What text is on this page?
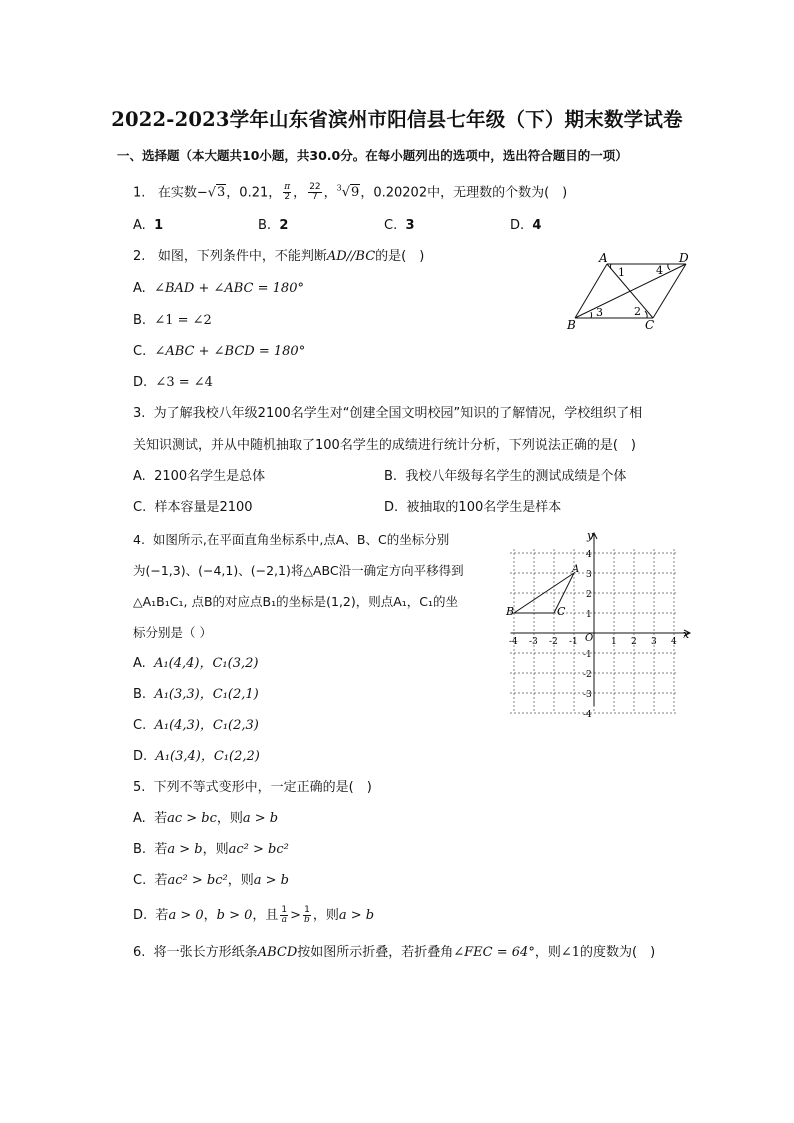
2022-2023学年山东省滨州市阳信县七年级（下）期末数学试卷
一、选择题（本大题共10小题，共30.0分。在每小题列出的选项中，选出符合题目的一项）
1. 在实数−√3，0.21， $\frac{\pi}{2}$ ， $\frac{22}{7}$ ，$^3$√9，0.20202中，无理数的个数为(　)
A. 1	B. 2	C. 3	D. 4
2. 如图，下列条件中，不能判断AD//BC的是(　)
A. ∠BAD + ∠ABC = 180°
B. ∠1 = ∠2
C. ∠ABC + ∠BCD = 180°
D. ∠3 = ∠4
A	D
B	C
1	4
3	2
3. 为了解我校八年级2100名学生对“创建全国文明校园”知识的了解情况，学校组织了相
关知识测试，并从中随机抽取了100名学生的成绩进行统计分析，下列说法正确的是(　)
A. 2100名学生是总体	B. 我校八年级每名学生的测试成绩是个体
C. 样本容量是2100	D. 被抽取的100名学生是样本
4. 如图所示,在平面直角坐标系中,点A、B、C的坐标分别
为(−1,3)、(−4,1)、(−2,1)将△ABC沿一确定方向平移得到
△A₁B₁C₁, 点B的对应点B₁的坐标是(1,2)，则点A₁，C₁的坐
标分别是（ ）
A. A₁(4,4)，C₁(3,2)
B. A₁(3,3)，C₁(2,1)
C. A₁(4,3)，C₁(2,3)
D. A₁(3,4)，C₁(2,2)
y
x
O
A
B	C
-4 -3 -2 -1	1 2 3 4
4
3
2
1
-1
-2
-3
-4
5. 下列不等式变形中，一定正确的是(　)
A. 若ac > bc，则a > b
B. 若a > b，则ac² > bc²
C. 若ac² > bc²，则a > b
D. 若a > 0，b > 0，且 $\frac{1}{a} > \frac{1}{b}$ ，则a > b
6. 将一张长方形纸条ABCD按如图所示折叠，若折叠角∠FEC = 64°，则∠1的度数为(　)
